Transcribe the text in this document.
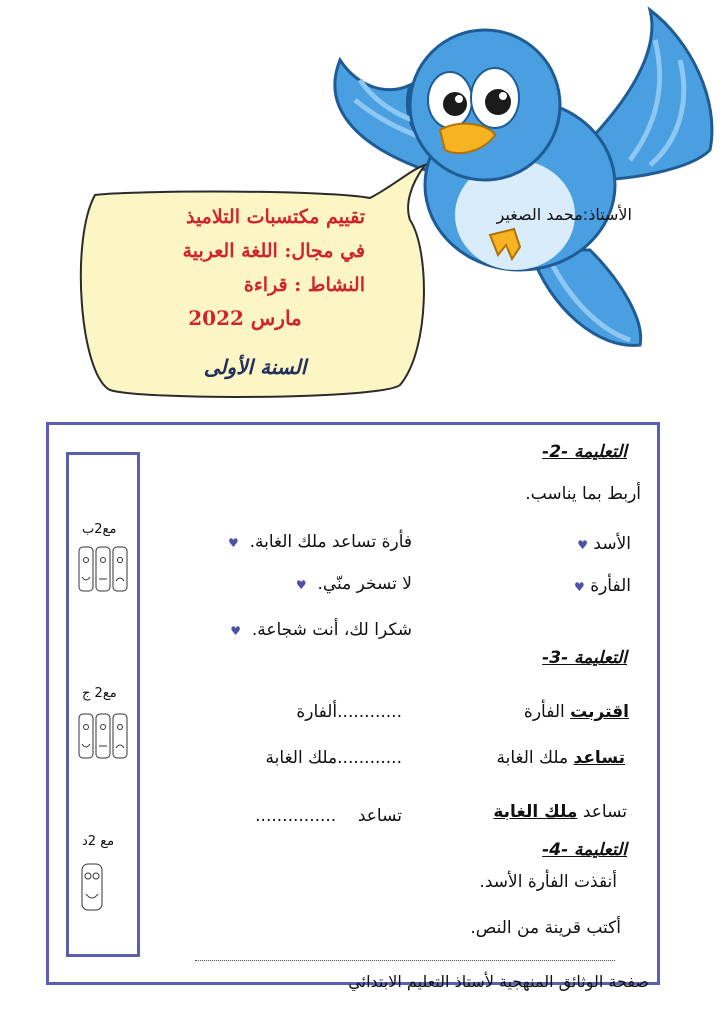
تقييم مكتسبات التلاميذ
في مجال: اللغة العربية
النشاط : قراءة
مارس 2022
السنة الأولى
الأستاذ:محمد الصغير
مع2ب
مع2 ج
مع 2د
التعليمة -2-
أربط بما يناسب.
الأسد ♥
الفأرة ♥
فأرة تساعد ملك الغابة.  ♥
لا تسخر منّي.  ♥
شكرا لك، أنت شجاعة.  ♥
التعليمة -3-
اقتربت الفأرة
............ألفارة
تساعد ملك الغابة
............ملك الغابة
تساعد ملك الغابة
تساعد    ...............
التعليمة -4-
أنقذت الفأرة الأسد.
أكتب قرينة من النص.
صفحة الوثائق المنهجية لأستاذ التعليم الابتدائي
